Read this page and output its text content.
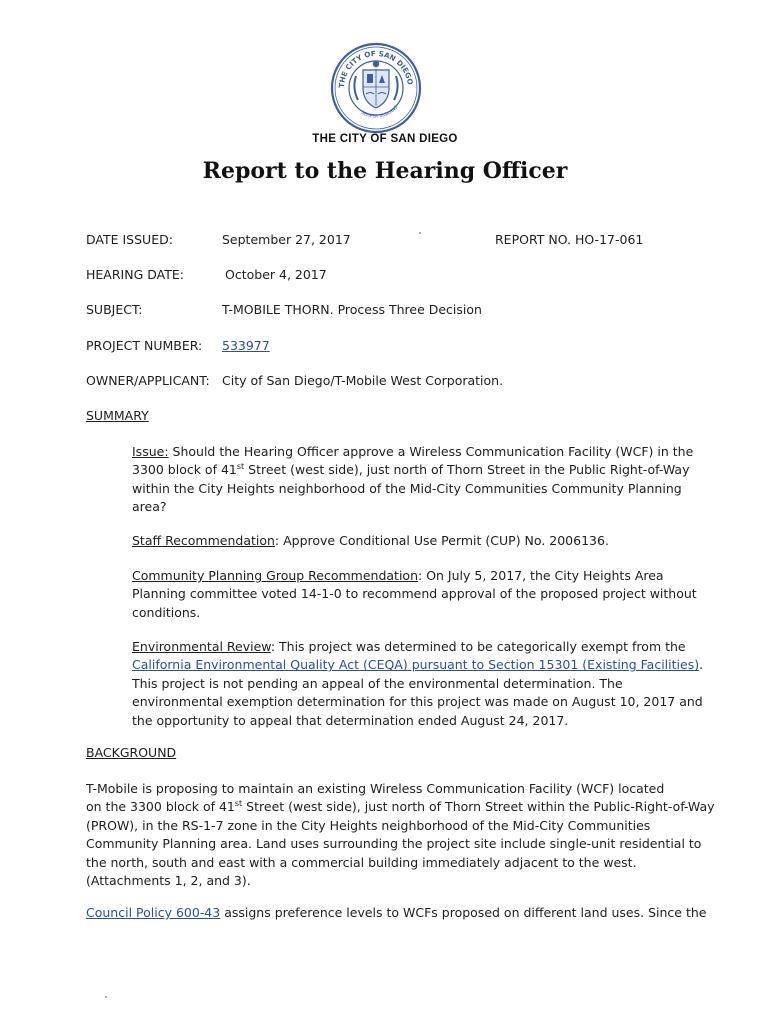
THE CITY OF SAN DIEGO
SEMPER VIGILANS
THE CITY OF SAN DIEGO
Report to the Hearing Officer
DATE ISSUED:	September 27, 2017	REPORT NO. HO-17-061
HEARING DATE:	October 4, 2017
SUBJECT:	T-MOBILE THORN. Process Three Decision
PROJECT NUMBER: 533977
OWNER/APPLICANT: City of San Diego/T-Mobile West Corporation.
SUMMARY
Issue: Should the Hearing Officer approve a Wireless Communication Facility (WCF) in the
3300 block of 41st Street (west side), just north of Thorn Street in the Public Right-of-Way
within the City Heights neighborhood of the Mid-City Communities Community Planning
area?
Staff Recommendation: Approve Conditional Use Permit (CUP) No. 2006136.
Community Planning Group Recommendation: On July 5, 2017, the City Heights Area
Planning committee voted 14-1-0 to recommend approval of the proposed project without
conditions.
Environmental Review: This project was determined to be categorically exempt from the
California Environmental Quality Act (CEQA) pursuant to Section 15301 (Existing Facilities).
This project is not pending an appeal of the environmental determination. The
environmental exemption determination for this project was made on August 10, 2017 and
the opportunity to appeal that determination ended August 24, 2017.
BACKGROUND
T-Mobile is proposing to maintain an existing Wireless Communication Facility (WCF) located
on the 3300 block of 41st Street (west side), just north of Thorn Street within the Public-Right-of-Way
(PROW), in the RS-1-7 zone in the City Heights neighborhood of the Mid-City Communities
Community Planning area. Land uses surrounding the project site include single-unit residential to
the north, south and east with a commercial building immediately adjacent to the west.
(Attachments 1, 2, and 3).
Council Policy 600-43 assigns preference levels to WCFs proposed on different land uses. Since the
